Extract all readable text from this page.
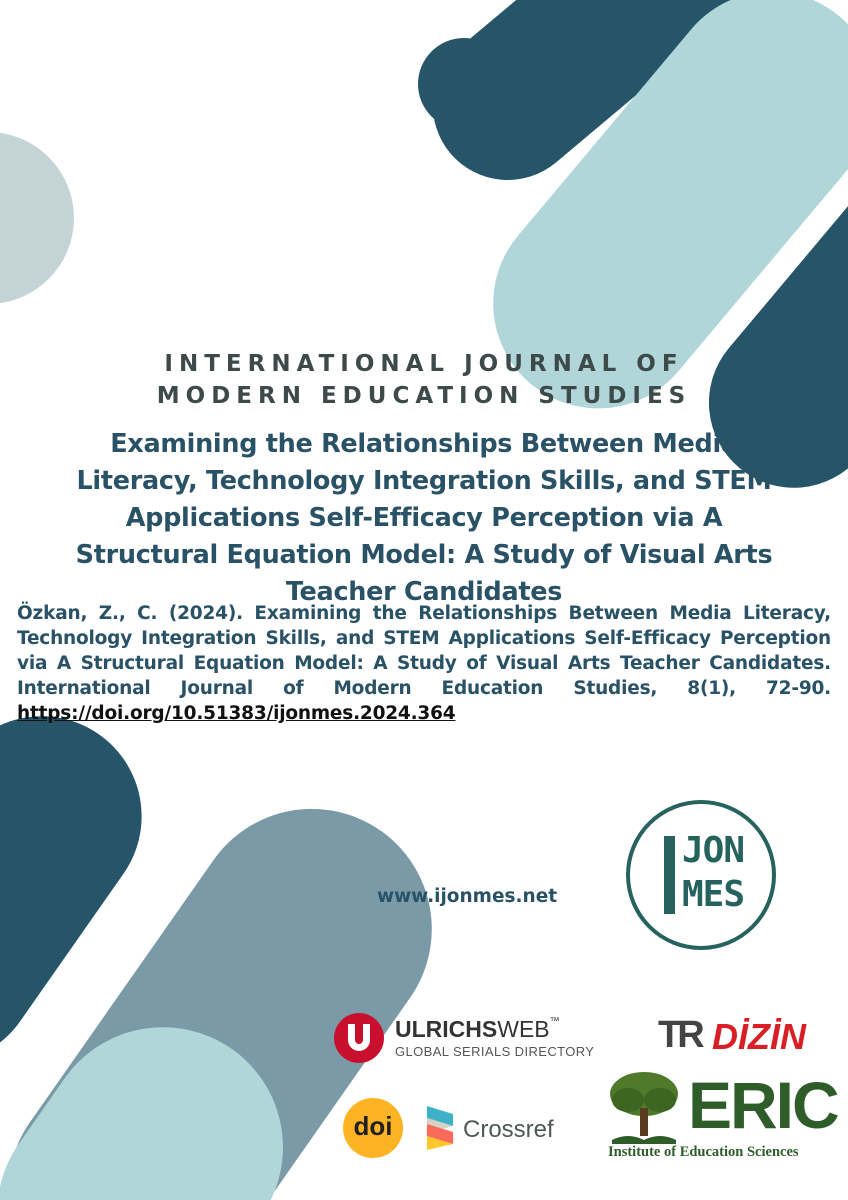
INTERNATIONAL JOURNAL OF
MODERN EDUCATION STUDIES
Examining the Relationships Between Media
Literacy, Technology Integration Skills, and STEM
Applications Self-Efficacy Perception via A
Structural Equation Model: A Study of Visual Arts
Teacher Candidates
Özkan, Z., C. (2024). Examining the Relationships Between Media Literacy, Technology Integration Skills, and STEM Applications Self-Efficacy Perception via A Structural Equation Model: A Study of Visual Arts Teacher Candidates. International Journal of Modern Education Studies, 8(1), 72-90. https://doi.org/10.51383/ijonmes.2024.364
www.ijonmes.net
JON
MES
ULRICHSWEB™
GLOBAL SERIALS DIRECTORY TR DİZİN
doi	Crossref ERIC
Institute of Education Sciences
